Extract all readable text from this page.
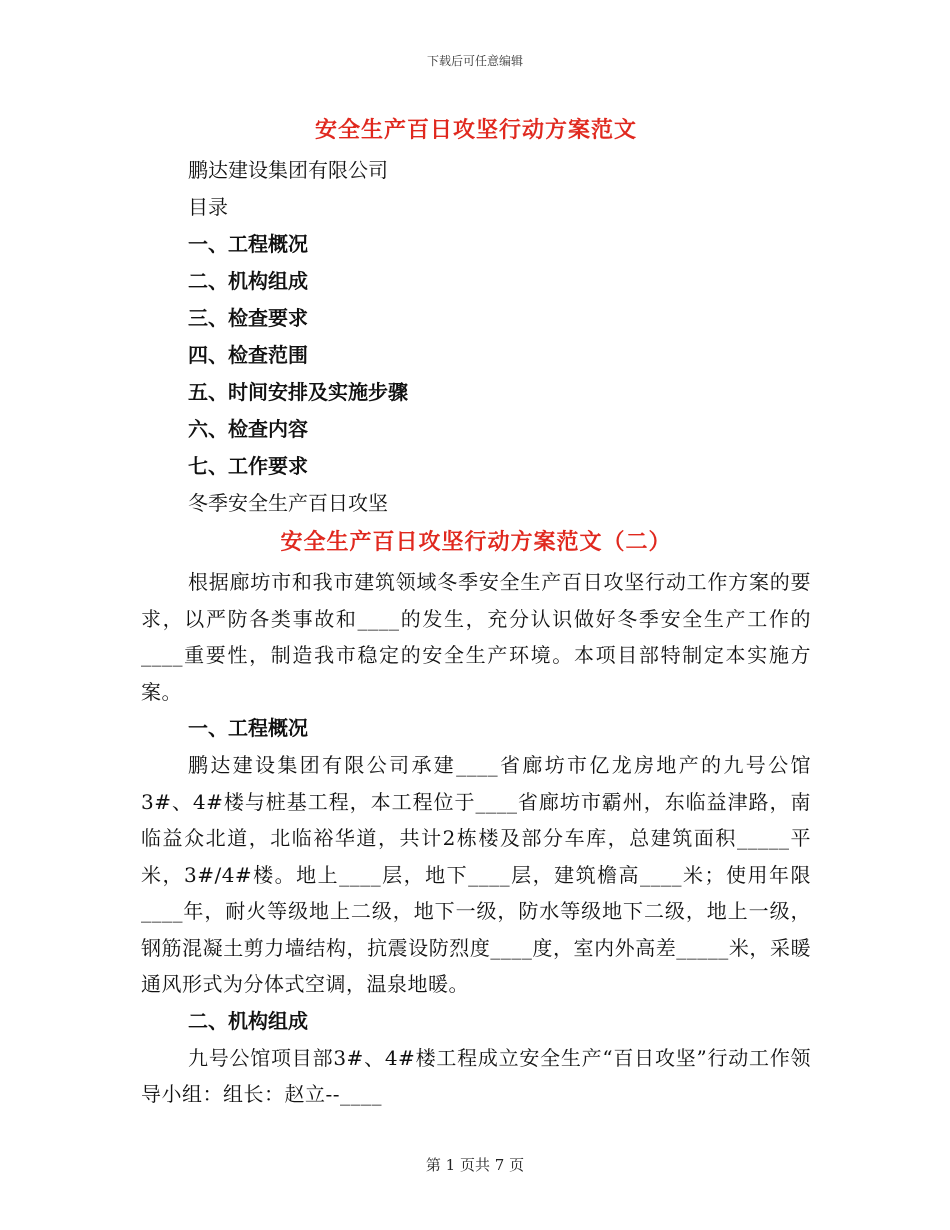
下载后可任意编辑
安全生产百日攻坚行动方案范文

鹏达建设集团有限公司

目录

一、工程概况

二、机构组成

三、检查要求

四、检查范围

五、时间安排及实施步骤

六、检查内容

七、工作要求

冬季安全生产百日攻坚

安全生产百日攻坚行动方案范文（二）

根据廊坊市和我市建筑领域冬季安全生产百日攻坚行动工作方案的要求，以严防各类事故和____的发生，充分认识做好冬季安全生产工作的____重要性，制造我市稳定的安全生产环境。本项目部特制定本实施方案。

一、工程概况

鹏达建设集团有限公司承建____省廊坊市亿龙房地产的九号公馆3#、4#楼与桩基工程，本工程位于____省廊坊市霸州，东临益津路，南临益众北道，北临裕华道，共计2栋楼及部分车库，总建筑面积_____平米，3#/4#楼。地上____层，地下____层，建筑檐高____米；使用年限____年，耐火等级地上二级，地下一级，防水等级地下二级，地上一级，钢筋混凝土剪力墙结构，抗震设防烈度____度，室内外高差_____米，采暖通风形式为分体式空调，温泉地暖。

二、机构组成

九号公馆项目部3#、4#楼工程成立安全生产“百日攻坚”行动工作领导小组：组长：赵立--____

第 1 页共 7 页
